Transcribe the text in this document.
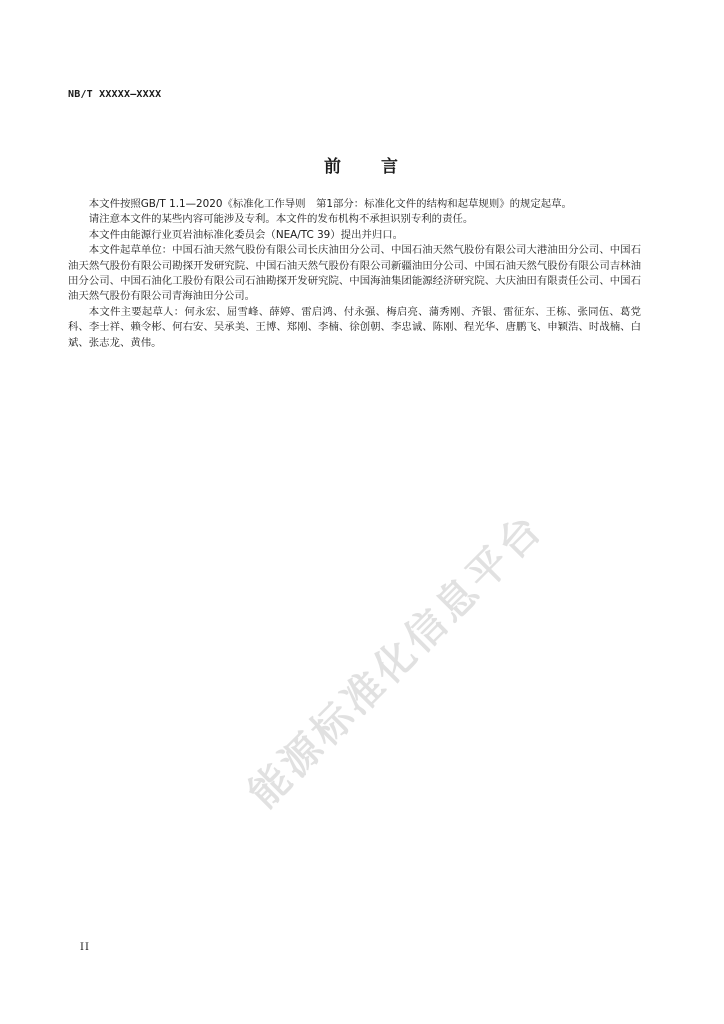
NB/T XXXXX—XXXX
前 言

本文件按照GB/T 1.1—2020《标准化工作导则　第1部分：标准化文件的结构和起草规则》的规定起草。

请注意本文件的某些内容可能涉及专利。本文件的发布机构不承担识别专利的责任。

本文件由能源行业页岩油标准化委员会（NEA/TC 39）提出并归口。

本文件起草单位：中国石油天然气股份有限公司长庆油田分公司、中国石油天然气股份有限公司大港油田分公司、中国石油天然气股份有限公司勘探开发研究院、中国石油天然气股份有限公司新疆油田分公司、中国石油天然气股份有限公司吉林油田分公司、中国石油化工股份有限公司石油勘探开发研究院、中国海油集团能源经济研究院、大庆油田有限责任公司、中国石油天然气股份有限公司青海油田分公司。

本文件主要起草人：何永宏、屈雪峰、薛婷、雷启鸿、付永强、梅启亮、蒲秀刚、齐银、雷征东、王栋、张同伍、葛党科、李士祥、赖令彬、何右安、吴承美、王博、郑刚、李楠、徐创朝、李忠诚、陈刚、程光华、唐鹏飞、申颖浩、时战楠、白斌、张志龙、黄伟。

能源标准化信息平台
II
